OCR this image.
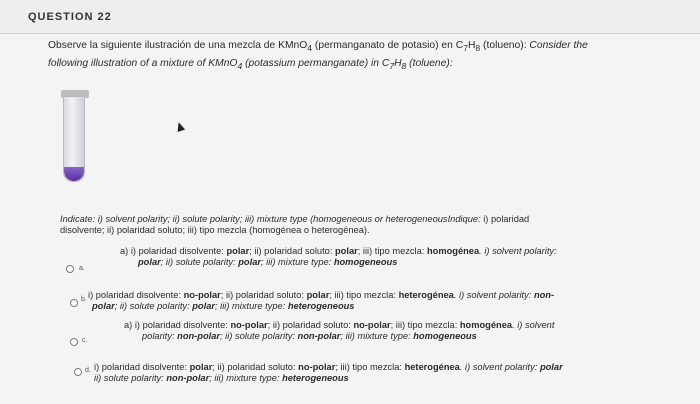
QUESTION 22
Observe la siguiente ilustración de una mezcla de KMnO$_4$ (permanganato de potasio) en $C_7H_8$ (tolueno): Consider the
following illustration of a mixture of KMnO$_4$ (potassium permanganate) in $C_7H_8$ (toluene):
Indicate: i) solvent polarity; ii) solute polarity; iii) mixture type (homogeneous or heterogeneousIndique: i) polaridad
disolvente; ii) polaridad soluto; iii) tipo mezcla (homogénea o heterogénea).
a.
a) i) polaridad disolvente: polar; ii) polaridad soluto: polar; iii) tipo mezcla: homogénea. i) solvent polarity:
polar; ii) solute polarity: polar; iii) mixture type: homogeneous
b. i) polaridad disolvente: no-polar; ii) polaridad soluto: polar; iii) tipo mezcla: heterogénea. i) solvent polarity: non-
polar; ii) solute polarity: polar; iii) mixture type: heterogeneous
c.
a) i) polaridad disolvente: no-polar; ii) polaridad soluto: no-polar; iii) tipo mezcla: homogénea. i) solvent
polarity: non-polar; ii) solute polarity: non-polar; iii) mixture type: homogeneous
d. i) polaridad disolvente: polar; ii) polaridad soluto: no-polar; iii) tipo mezcla: heterogénea. i) solvent polarity: polar
ii) solute polarity: non-polar; iii) mixture type: heterogeneous
